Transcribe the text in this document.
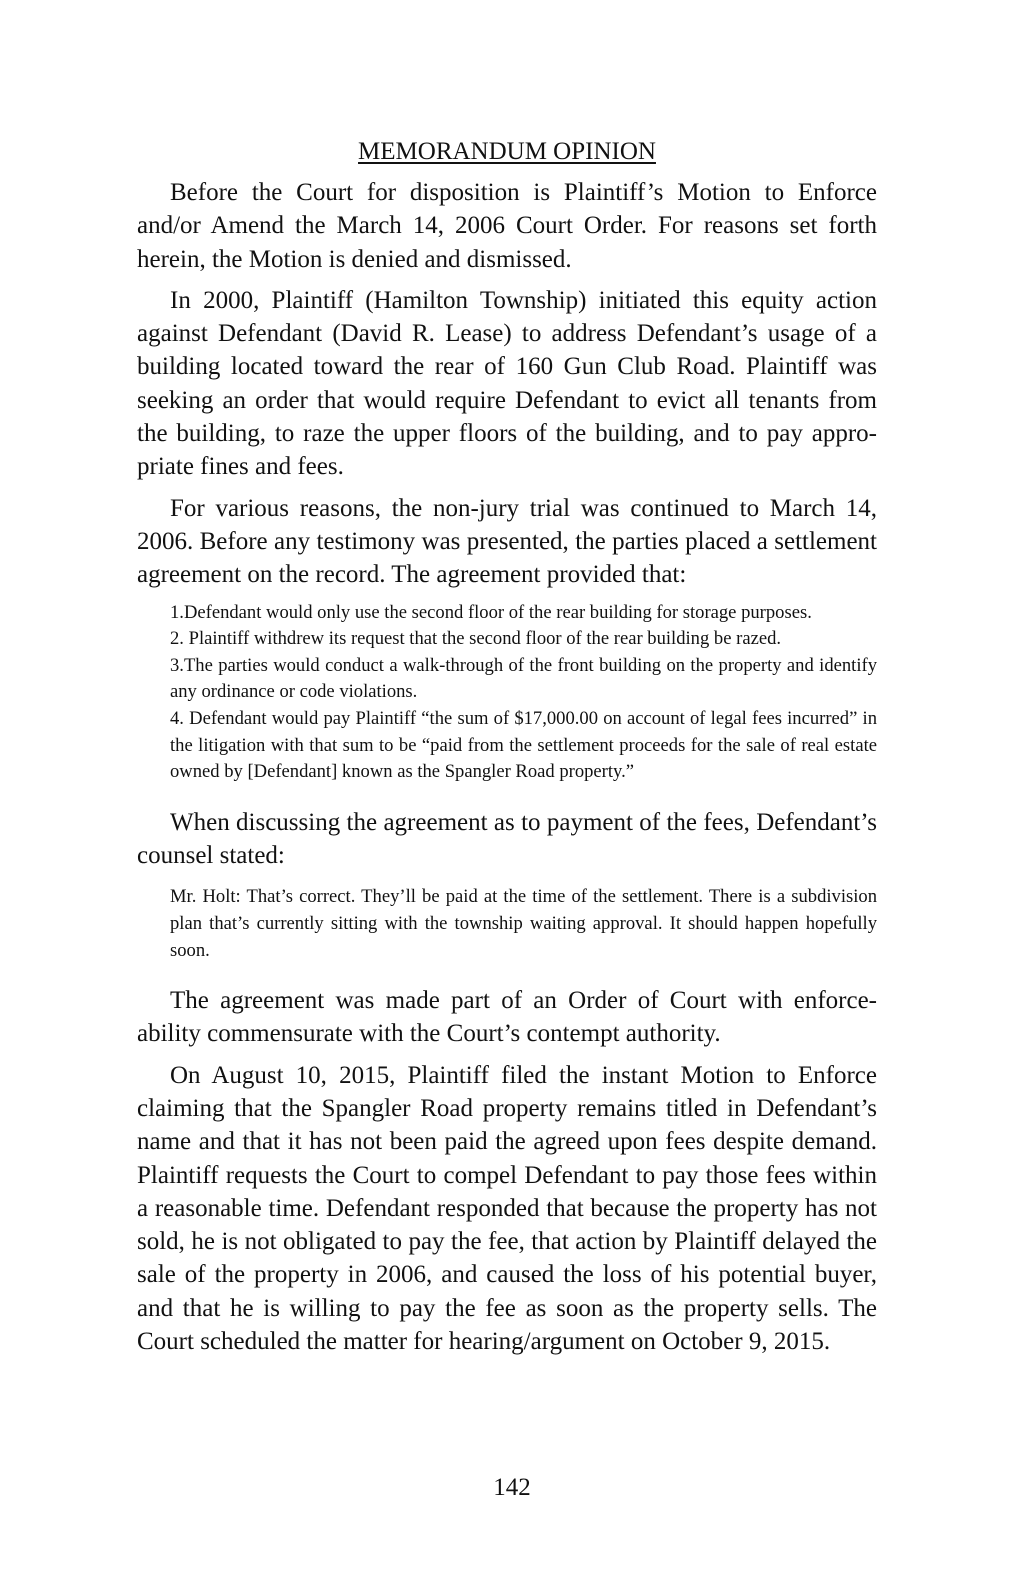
MEMORANDUM OPINION

Before the Court for disposition is Plaintiff’s Motion to Enforce and/or Amend the March 14, 2006 Court Order. For reasons set forth herein, the Motion is denied and dismissed.

In 2000, Plaintiff (Hamilton Township) initiated this equity action against Defendant (David R. Lease) to address Defendant’s usage of a building located toward the rear of 160 Gun Club Road. Plaintiff was seeking an order that would require Defendant to evict all tenants from the building, to raze the upper floors of the building, and to pay appropriate fines and fees.

For various reasons, the non-jury trial was continued to March 14, 2006. Before any testimony was presented, the parties placed a settlement agreement on the record. The agreement provided that:

1.Defendant would only use the second floor of the rear building for storage purposes.

2. Plaintiff withdrew its request that the second floor of the rear building be razed.

3.The parties would conduct a walk-through of the front building on the property and identify any ordinance or code violations.

4. Defendant would pay Plaintiff “the sum of $17,000.00 on account of legal fees incurred” in the litigation with that sum to be “paid from the settlement proceeds for the sale of real estate owned by [Defendant] known as the Spangler Road property.”

When discussing the agreement as to payment of the fees, Defendant’s counsel stated:

Mr. Holt: That’s correct. They’ll be paid at the time of the settlement. There is a subdivision plan that’s currently sitting with the township waiting approval. It should happen hopefully soon.

The agreement was made part of an Order of Court with enforceability commensurate with the Court’s contempt authority.

On August 10, 2015, Plaintiff filed the instant Motion to Enforce claiming that the Spangler Road property remains titled in Defendant’s name and that it has not been paid the agreed upon fees despite demand. Plaintiff requests the Court to compel Defendant to pay those fees within a reasonable time. Defendant responded that because the property has not sold, he is not obligated to pay the fee, that action by Plaintiff delayed the sale of the property in 2006, and caused the loss of his potential buyer, and that he is willing to pay the fee as soon as the property sells. The Court scheduled the matter for hearing/argument on October 9, 2015.

142
